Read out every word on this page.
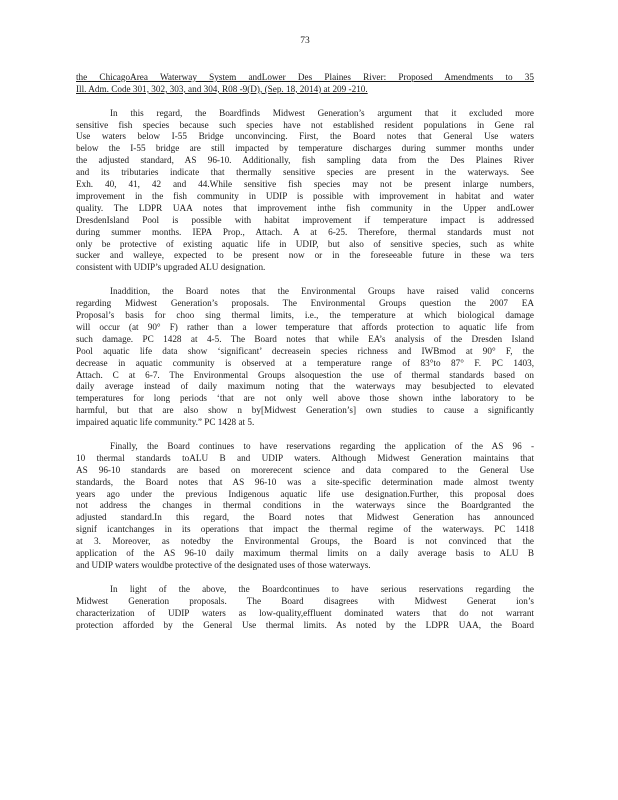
73
the ChicagoArea Waterway System andLower Des Plaines River: Proposed Amendments to 35
Ill. Adm. Code 301, 302, 303, and 304, R08 -9(D), (Sep. 18, 2014) at 209 -210.
In this regard, the Boardfinds Midwest Generation’s argument that it excluded more
sensitive fish species because such species have not established resident populations in Gene ral
Use waters below I-55 Bridge unconvincing. First, the Board notes that General Use waters
below the I-55 bridge are still impacted by temperature discharges during summer months under
the adjusted standard, AS 96-10. Additionally, fish sampling data from the Des Plaines River
and its tributaries indicate that thermally sensitive species are present in the waterways. See
Exh. 40, 41, 42 and 44.While sensitive fish species may not be present inlarge numbers,
improvement in the fish community in UDIP is possible with improvement in habitat and water
quality. The LDPR UAA notes that improvement inthe fish community in the Upper andLower
DresdenIsland Pool is possible with habitat improvement if temperature impact is addressed
during summer months. IEPA Prop., Attach. A at 6-25. Therefore, thermal standards must not
only be protective of existing aquatic life in UDIP, but also of sensitive species, such as white
sucker and walleye, expected to be present now or in the foreseeable future in these wa ters
consistent with UDIP’s upgraded ALU designation.
Inaddition, the Board notes that the Environmental Groups have raised valid concerns
regarding Midwest Generation’s proposals. The Environmental Groups question the 2007 EA
Proposal’s basis for choo sing thermal limits, i.e., the temperature at which biological damage
will occur (at 90° F) rather than a lower temperature that affords protection to aquatic life from
such damage. PC 1428 at 4-5. The Board notes that while EA’s analysis of the Dresden Island
Pool aquatic life data show ‘significant’ decreasein species richness and IWBmod at 90° F, the
decrease in aquatic community is observed at a temperature range of 83°to 87° F. PC 1403,
Attach. C at 6-7. The Environmental Groups alsoquestion the use of thermal standards based on
daily average instead of daily maximum noting that the waterways may besubjected to elevated
temperatures for long periods ‘that are not only well above those shown inthe laboratory to be
harmful, but that are also show n by[Midwest Generation’s] own studies to cause a significantly
impaired aquatic life community.” PC 1428 at 5.
Finally, the Board continues to have reservations regarding the application of the AS 96 -
10 thermal standards toALU B and UDIP waters. Although Midwest Generation maintains that
AS 96-10 standards are based on morerecent science and data compared to the General Use
standards, the Board notes that AS 96-10 was a site-specific determination made almost twenty
years ago under the previous Indigenous aquatic life use designation.Further, this proposal does
not address the changes in thermal conditions in the waterways since the Boardgranted the
adjusted standard.In this regard, the Board notes that Midwest Generation has announced
signif icantchanges in its operations that impact the thermal regime of the waterways. PC 1418
at 3. Moreover, as notedby the Environmental Groups, the Board is not convinced that the
application of the AS 96-10 daily maximum thermal limits on a daily average basis to ALU B
and UDIP waters wouldbe protective of the designated uses of those waterways.
In light of the above, the Boardcontinues to have serious reservations regarding the
Midwest Generation proposals. The Board disagrees with Midwest Generat ion’s
characterization of UDIP waters as low-quality,effluent dominated waters that do not warrant
protection afforded by the General Use thermal limits. As noted by the LDPR UAA, the Board
